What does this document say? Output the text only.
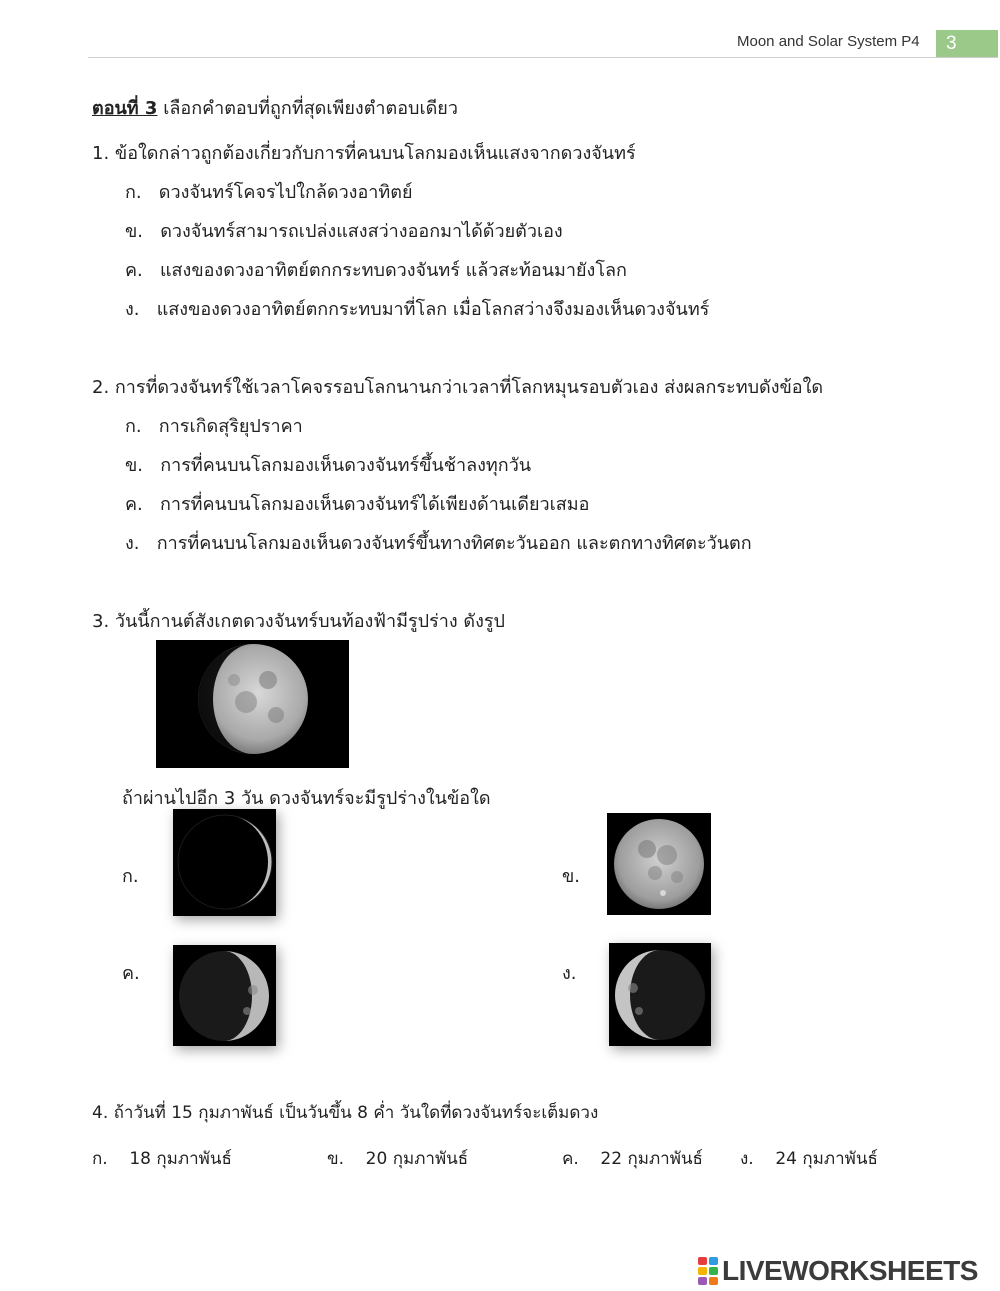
Moon and Solar System P4	3
ตอนที่ 3 เลือกคำตอบที่ถูกที่สุดเพียงตำตอบเดียว
1. ข้อใดกล่าวถูกต้องเกี่ยวกับการที่คนบนโลกมองเห็นแสงจากดวงจันทร์
ก. ดวงจันทร์โคจรไปใกล้ดวงอาทิตย์
ข. ดวงจันทร์สามารถเปล่งแสงสว่างออกมาได้ด้วยตัวเอง
ค. แสงของดวงอาทิตย์ตกกระทบดวงจันทร์ แล้วสะท้อนมายังโลก
ง. แสงของดวงอาทิตย์ตกกระทบมาที่โลก เมื่อโลกสว่างจึงมองเห็นดวงจันทร์
2. การที่ดวงจันทร์ใช้เวลาโคจรรอบโลกนานกว่าเวลาที่โลกหมุนรอบตัวเอง ส่งผลกระทบดังข้อใด
ก. การเกิดสุริยุปราคา
ข. การที่คนบนโลกมองเห็นดวงจันทร์ขึ้นช้าลงทุกวัน
ค. การที่คนบนโลกมองเห็นดวงจันทร์ได้เพียงด้านเดียวเสมอ
ง. การที่คนบนโลกมองเห็นดวงจันทร์ขึ้นทางทิศตะวันออก และตกทางทิศตะวันตก
3. วันนี้กานต์สังเกตดวงจันทร์บนท้องฟ้ามีรูปร่าง ดังรูป
ถ้าผ่านไปอีก 3 วัน ดวงจันทร์จะมีรูปร่างในข้อใด
ก.	ข.
ค.	ง.
4. ถ้าวันที่ 15 กุมภาพันธ์ เป็นวันขึ้น 8 ค่ำ วันใดที่ดวงจันทร์จะเต็มดวง
ก. 18 กุมภาพันธ์	ข. 20 กุมภาพันธ์	ค. 22 กุมภาพันธ์ ง. 24 กุมภาพันธ์
LIVEWORKSHEETS
